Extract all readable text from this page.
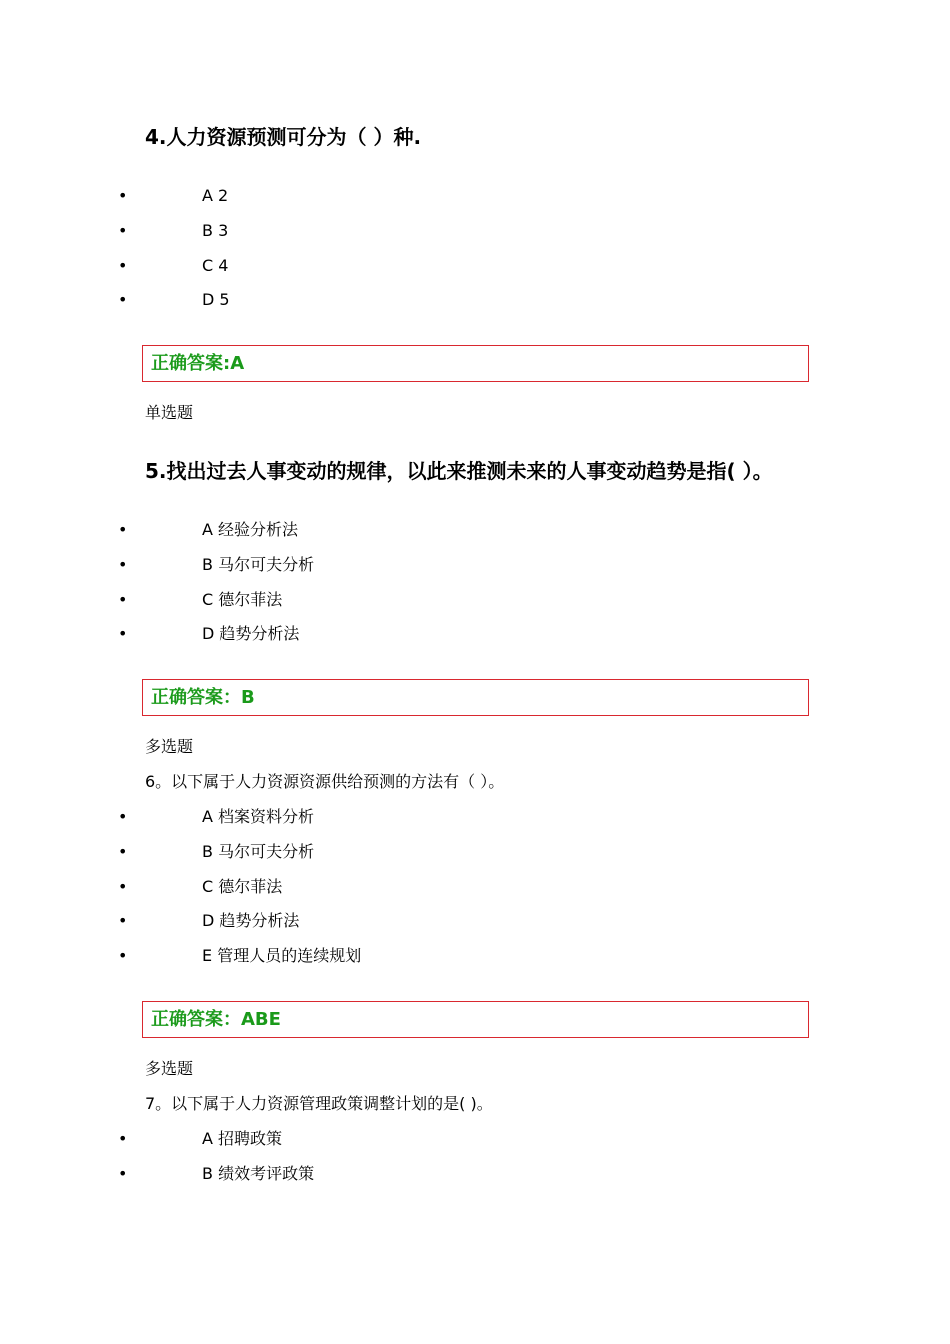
4.人力资源预测可分为（ ）种.
•	A 2
•	B 3
•	C 4
•	D 5
正确答案:A
单选题
5.找出过去人事变动的规律，以此来推测未来的人事变动趋势是指( ）。
•	A 经验分析法
•	B 马尔可夫分析
•	C 德尔菲法
•	D 趋势分析法
正确答案：B
多选题
6。以下属于人力资源资源供给预测的方法有（ ）。
•	A 档案资料分析
•	B 马尔可夫分析
•	C 德尔菲法
•	D 趋势分析法
•	E 管理人员的连续规划
正确答案：ABE
多选题
7。以下属于人力资源管理政策调整计划的是( )。
•	A 招聘政策
•	B 绩效考评政策
